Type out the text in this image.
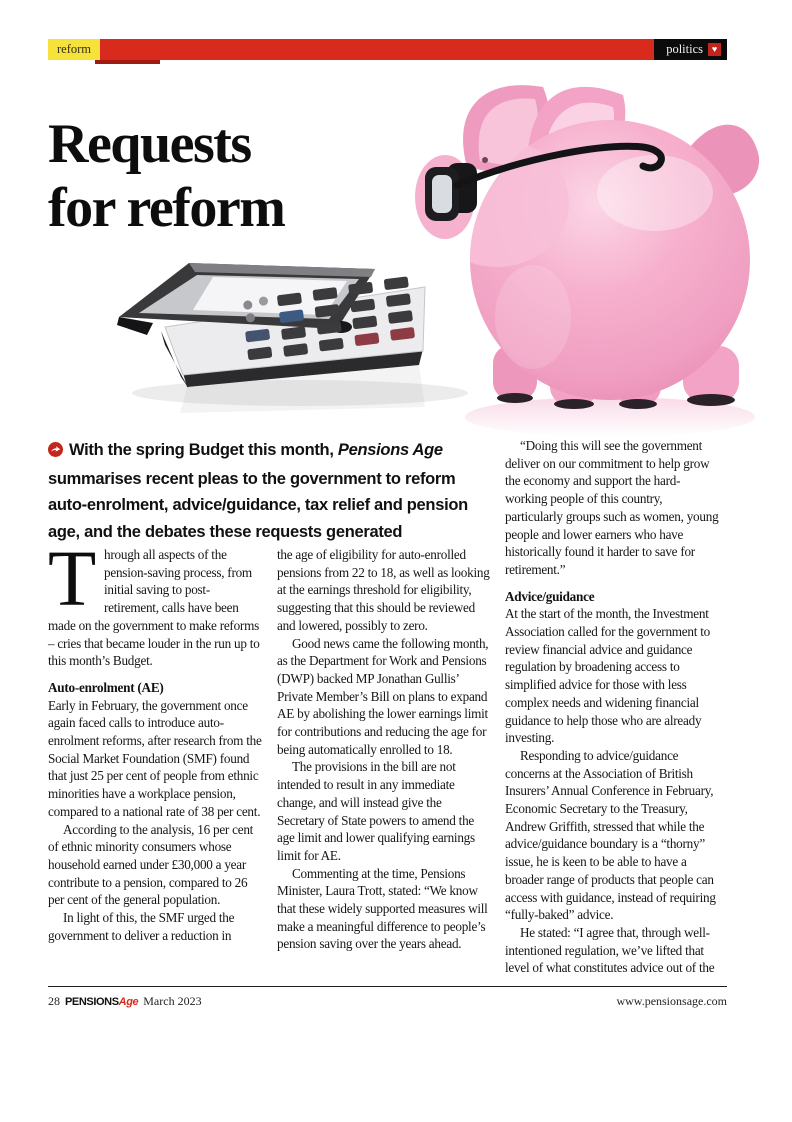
reform	politics ♥
Requests
for reform
With the spring Budget this month, Pensions Age summarises recent pleas to the government to reform auto-enrolment, advice/guidance, tax relief and pension age, and the debates these requests generated

Through all aspects of the pension-saving process, from initial saving to post-retirement, calls have been made on the government to make reforms – cries that became louder in the run up to this month’s Budget.

Auto-enrolment (AE)

Early in February, the government once again faced calls to introduce auto-enrolment reforms, after research from the Social Market Foundation (SMF) found that just 25 per cent of people from ethnic minorities have a workplace pension, compared to a national rate of 38 per cent.

According to the analysis, 16 per cent of ethnic minority consumers whose household earned under £30,000 a year contribute to a pension, compared to 26 per cent of the general population.

In light of this, the SMF urged the government to deliver a reduction in

the age of eligibility for auto-enrolled pensions from 22 to 18, as well as looking at the earnings threshold for eligibility, suggesting that this should be reviewed and lowered, possibly to zero.

Good news came the following month, as the Department for Work and Pensions (DWP) backed MP Jonathan Gullis’ Private Member’s Bill on plans to expand AE by abolishing the lower earnings limit for contributions and reducing the age for being automatically enrolled to 18.

The provisions in the bill are not intended to result in any immediate change, and will instead give the Secretary of State powers to amend the age limit and lower qualifying earnings limit for AE.

Commenting at the time, Pensions Minister, Laura Trott, stated: “We know that these widely supported measures will make a meaningful difference to people’s pension saving over the years ahead.

“Doing this will see the government deliver on our commitment to help grow the economy and support the hard-working people of this country, particularly groups such as women, young people and lower earners who have historically found it harder to save for retirement.”

Advice/guidance

At the start of the month, the Investment Association called for the government to review financial advice and guidance regulation by broadening access to simplified advice for those with less complex needs and widening financial guidance to help those who are already investing.

Responding to advice/guidance concerns at the Association of British Insurers’ Annual Conference in February, Economic Secretary to the Treasury, Andrew Griffith, stressed that while the advice/guidance boundary is a “thorny” issue, he is keen to be able to have a broader range of products that people can access with guidance, instead of requiring “fully-baked” advice.

He stated: “I agree that, through well-intentioned regulation, we’ve lifted that level of what constitutes advice out of the

28 PENSIONSAge March 2023	www.pensionsage.com
